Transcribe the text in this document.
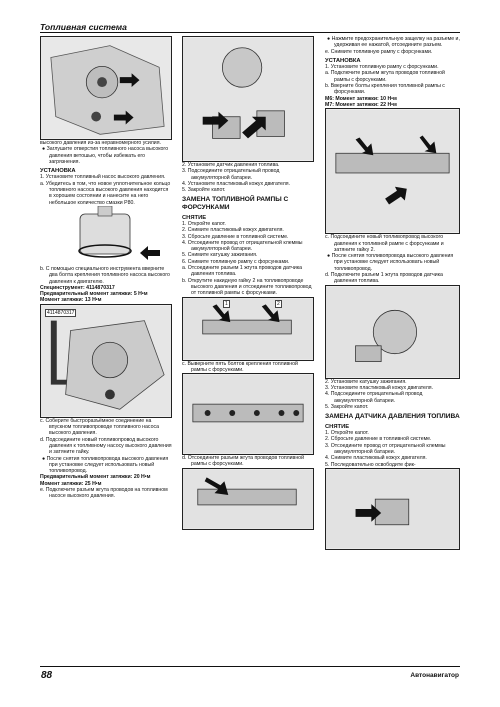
Топливная система

высокого давления из-за неравномерного усилия.

● Заглушите отверстия топливного насоса высокого давления ветошью, чтобы избежать его загрязнения.

УСТАНОВКА

1. Установите топливный насос высокого давления.

а. Убедитесь в том, что новое уплотнительное кольцо топливного насоса высокого давления находится в хорошем состоянии и нанесите на него небольшое количество смазки Р80.

b. С помощью специального инструмента вверните два болта крепления топливного насоса высокого давления к двигателю.

Специнструмент: 4114870317

Предварительный момент затяжки: 5 Н•м

Момент затяжки: 13 Н•м

4114870317

c. Соберите быстроразъёмное соединение на впускном топливопроводе топливного насоса высокого давления.

d. Подсоедините новый топливопровод высокого давления к топливному насосу высокого давления и затяните гайку.

● После снятия топливопровода высокого давления при установке следует использовать новый топливопровод.

Предварительный момент затяжки: 20 Н•м

Момент затяжки: 25 Н•м

e. Подключите разъем жгута проводов на топливном насосе высокого давления.

2. Установите датчик давления топлива.

3. Подсоедините отрицательный провод аккумуляторной батареи.

4. Установите пластиковый кожух двигателя.

5. Закройте капот.

ЗАМЕНА ТОПЛИВНОЙ РАМПЫ С ФОРСУНКАМИ

СНЯТИЕ

1. Откройте капот.

2. Снимите пластиковый кожух двигателя.

3. Сбросьте давление в топливной системе.

4. Отсоедините провод от отрицательной клеммы аккумуляторной батареи.

5. Снимите катушку зажигания.

6. Снимите топливную рампу с форсунками.

а. Отсоедините разъем 1 жгута проводов датчика давления топлива.

b. Открутите накидную гайку 2 на топливопроводе высокого давления и отсоедините топливопровод от топливной рампы с форсунками.

1	2

c. Выверните пять болтов крепления топливной рампы с форсунками.

d. Отсоедините разъем жгута проводов топливной рампы с форсунками.

● Нажмите предохранительную защелку на разъеме и, удерживая ее нажатой, отсоедините разъем.

e. Снимите топливную рампу с форсунками.

УСТАНОВКА

1. Установите топливную рампу с форсунками.

а. Подключите разъем жгута проводов топливной рампы с форсунками.

b. Вверните болты крепления топливной рампы с форсунками.

М6: Момент затяжки: 10 Н•м

М7: Момент затяжки: 22 Н•м

c. Подсоедините новый топливопровод высокого давления к топливной рампе с форсунками и затяните гайку 2.

● После снятия топливопровода высокого давления при установке следует использовать новый топливопровод.

d. Подключите разъем 1 жгута проводов датчика давления топлива.

2. Установите катушку зажигания.

3. Установите пластиковый кожух двигателя.

4. Подсоедините отрицательный провод аккумуляторной батареи.

5. Закройте капот.

ЗАМЕНА ДАТЧИКА ДАВЛЕНИЯ ТОПЛИВА

СНЯТИЕ

1. Откройте капот.

2. Сбросьте давление в топливной системе.

3. Отсоедините провод от отрицательной клеммы аккумуляторной батареи.

4. Снимите пластиковый кожух двигателя.

5. Последовательно освободите фик-

88	Автонавигатор
